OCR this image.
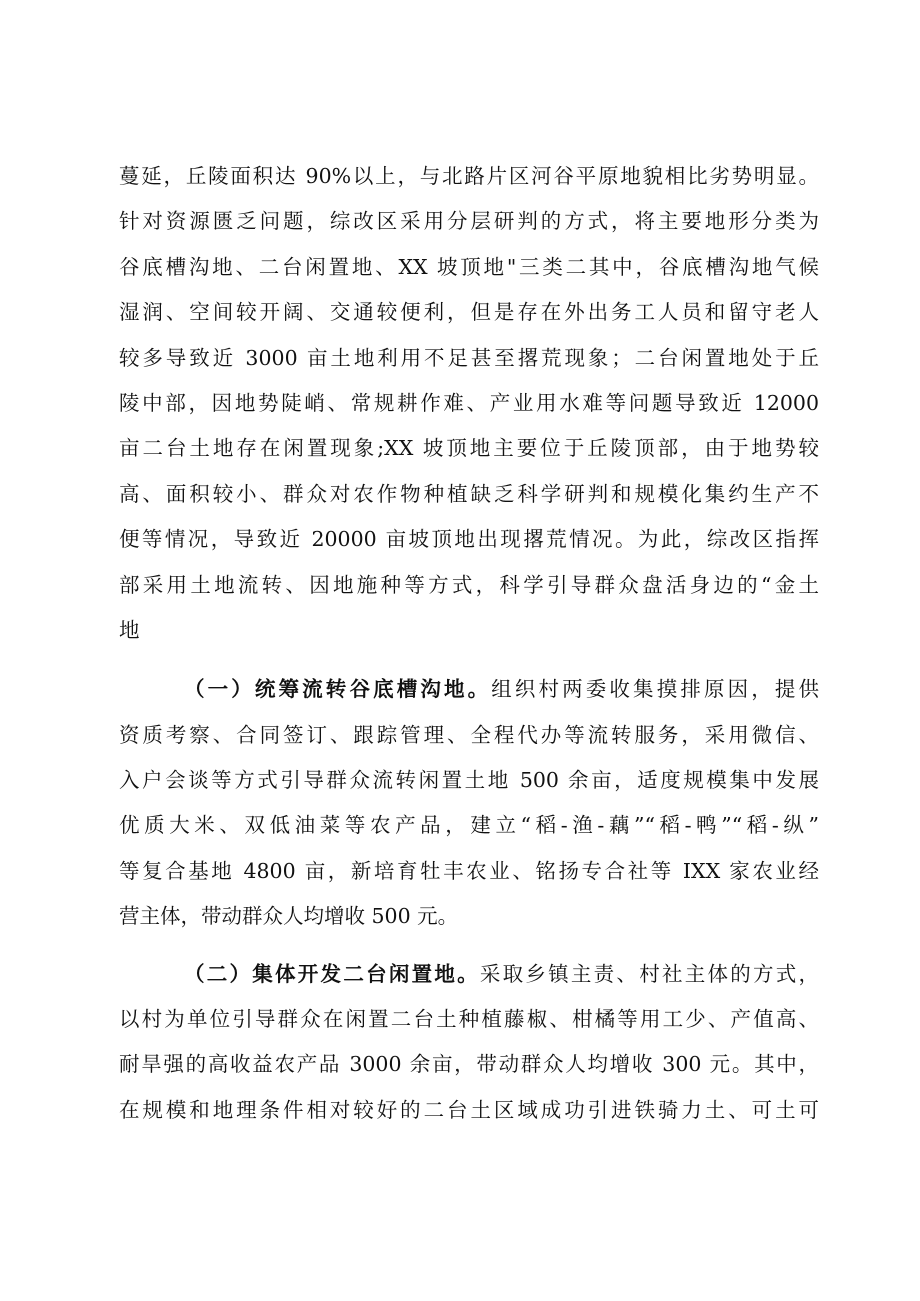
蔓延，丘陵面积达 90%以上，与北路片区河谷平原地貌相比劣势明显。
针对资源匮乏问题，综改区采用分层研判的方式，将主要地形分类为
谷底槽沟地、二台闲置地、XX 坡顶地"三类二其中，谷底槽沟地气候
湿润、空间较开阔、交通较便利，但是存在外出务工人员和留守老人
较多导致近 3000 亩土地利用不足甚至撂荒现象；二台闲置地处于丘
陵中部，因地势陡峭、常规耕作难、产业用水难等问题导致近 12000
亩二台土地存在闲置现象;XX 坡顶地主要位于丘陵顶部，由于地势较
高、面积较小、群众对农作物种植缺乏科学研判和规模化集约生产不
便等情况，导致近 20000 亩坡顶地出现撂荒情况。为此，综改区指挥
部采用土地流转、因地施种等方式，科学引导群众盘活身边的“金土
地
（一）统筹流转谷底槽沟地。组织村两委收集摸排原因，提供
资质考察、合同签订、跟踪管理、全程代办等流转服务，采用微信、
入户会谈等方式引导群众流转闲置土地 500 余亩，适度规模集中发展
优质大米、双低油菜等农产品，建立“稻-渔-藕”“稻-鸭”“稻-纵”
等复合基地 4800 亩，新培育牡丰农业、铭扬专合社等 IXX 家农业经
营主体，带动群众人均增收 500 元。
（二）集体开发二台闲置地。采取乡镇主责、村社主体的方式，
以村为单位引导群众在闲置二台土种植藤椒、柑橘等用工少、产值高、
耐旱强的高收益农产品 3000 余亩，带动群众人均增收 300 元。其中，
在规模和地理条件相对较好的二台土区域成功引进铁骑力土、可土可
